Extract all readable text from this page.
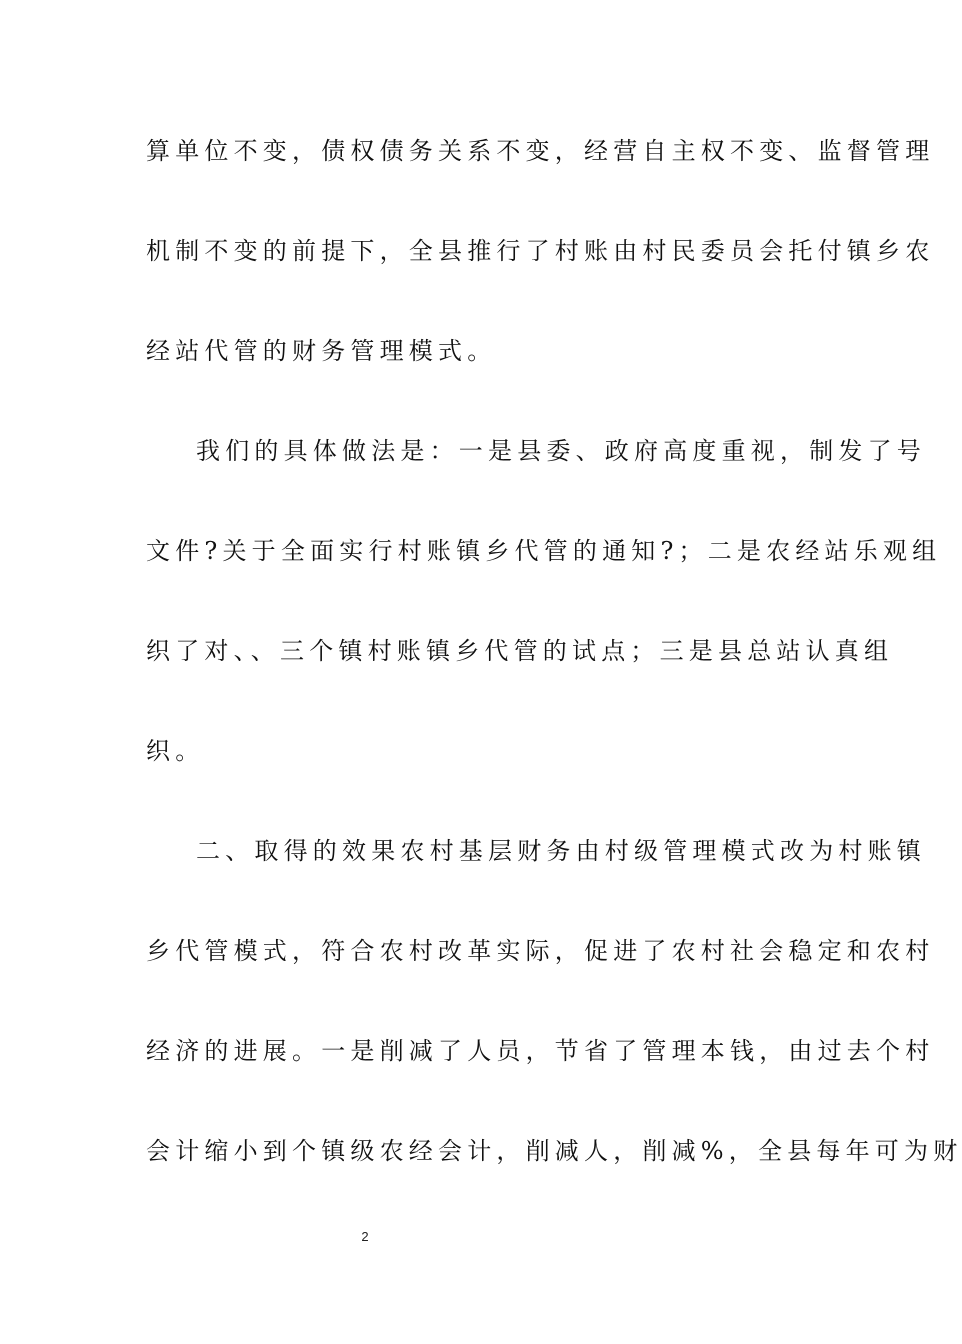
算单位不变，债权债务关系不变，经营自主权不变、监督管理
机制不变的前提下，全县推行了村账由村民委员会托付镇乡农
经站代管的财务管理模式。
我们的具体做法是：一是县委、政府高度重视，制发了号
文件?关于全面实行村账镇乡代管的通知?；二是农经站乐观组
织了对、、三个镇村账镇乡代管的试点；三是县总站认真组
织。
二、取得的效果农村基层财务由村级管理模式改为村账镇
乡代管模式，符合农村改革实际，促进了农村社会稳定和农村
经济的进展。一是削减了人员，节省了管理本钱，由过去个村
会计缩小到个镇级农经会计，削减人，削减%，全县每年可为财
2
